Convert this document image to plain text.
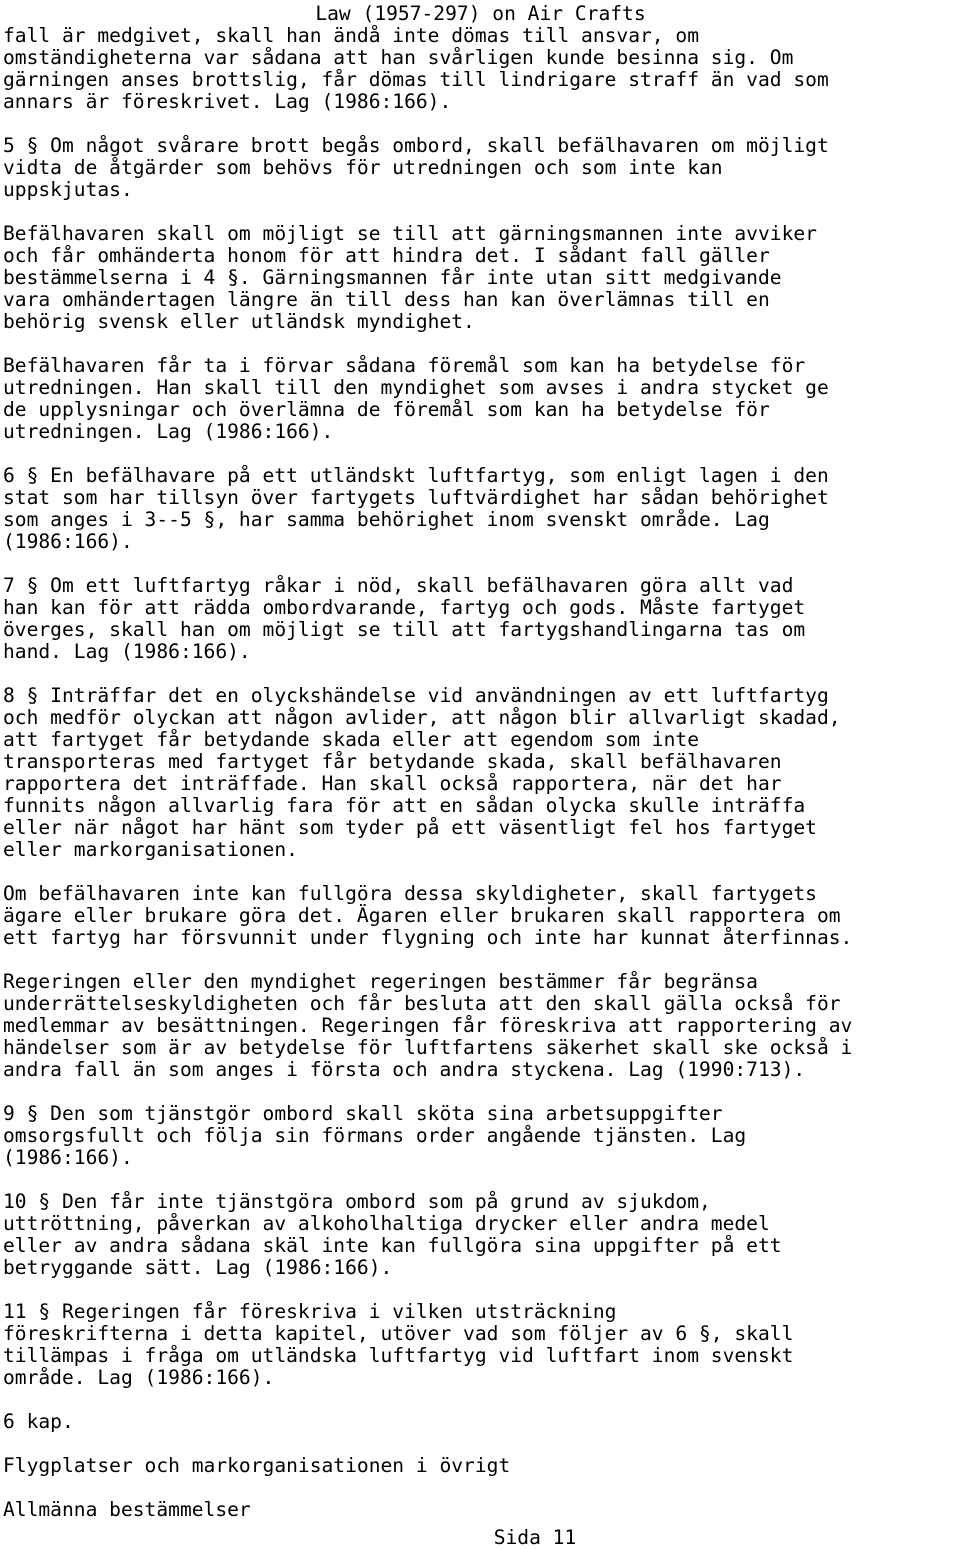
Law (1957-297) on Air Crafts
fall är medgivet, skall han ändå inte dömas till ansvar, om
omständigheterna var sådana att han svårligen kunde besinna sig. Om
gärningen anses brottslig, får dömas till lindrigare straff än vad som
annars är föreskrivet. Lag (1986:166).
5 § Om något svårare brott begås ombord, skall befälhavaren om möjligt
vidta de åtgärder som behövs för utredningen och som inte kan
uppskjutas.
Befälhavaren skall om möjligt se till att gärningsmannen inte avviker
och får omhänderta honom för att hindra det. I sådant fall gäller
bestämmelserna i 4 §. Gärningsmannen får inte utan sitt medgivande
vara omhändertagen längre än till dess han kan överlämnas till en
behörig svensk eller utländsk myndighet.
Befälhavaren får ta i förvar sådana föremål som kan ha betydelse för
utredningen. Han skall till den myndighet som avses i andra stycket ge
de upplysningar och överlämna de föremål som kan ha betydelse för
utredningen. Lag (1986:166).
6 § En befälhavare på ett utländskt luftfartyg, som enligt lagen i den
stat som har tillsyn över fartygets luftvärdighet har sådan behörighet
som anges i 3--5 §, har samma behörighet inom svenskt område. Lag
(1986:166).
7 § Om ett luftfartyg råkar i nöd, skall befälhavaren göra allt vad
han kan för att rädda ombordvarande, fartyg och gods. Måste fartyget
överges, skall han om möjligt se till att fartygshandlingarna tas om
hand. Lag (1986:166).
8 § Inträffar det en olyckshändelse vid användningen av ett luftfartyg
och medför olyckan att någon avlider, att någon blir allvarligt skadad,
att fartyget får betydande skada eller att egendom som inte
transporteras med fartyget får betydande skada, skall befälhavaren
rapportera det inträffade. Han skall också rapportera, när det har
funnits någon allvarlig fara för att en sådan olycka skulle inträffa
eller när något har hänt som tyder på ett väsentligt fel hos fartyget
eller markorganisationen.
Om befälhavaren inte kan fullgöra dessa skyldigheter, skall fartygets
ägare eller brukare göra det. Ägaren eller brukaren skall rapportera om
ett fartyg har försvunnit under flygning och inte har kunnat återfinnas.
Regeringen eller den myndighet regeringen bestämmer får begränsa
underrättelseskyldigheten och får besluta att den skall gälla också för
medlemmar av besättningen. Regeringen får föreskriva att rapportering av
händelser som är av betydelse för luftfartens säkerhet skall ske också i
andra fall än som anges i första och andra styckena. Lag (1990:713).
9 § Den som tjänstgör ombord skall sköta sina arbetsuppgifter
omsorgsfullt och följa sin förmans order angående tjänsten. Lag
(1986:166).
10 § Den får inte tjänstgöra ombord som på grund av sjukdom,
uttröttning, påverkan av alkoholhaltiga drycker eller andra medel
eller av andra sådana skäl inte kan fullgöra sina uppgifter på ett
betryggande sätt. Lag (1986:166).
11 § Regeringen får föreskriva i vilken utsträckning
föreskrifterna i detta kapitel, utöver vad som följer av 6 §, skall
tillämpas i fråga om utländska luftfartyg vid luftfart inom svenskt
område. Lag (1986:166).
6 kap.
Flygplatser och markorganisationen i övrigt
Allmänna bestämmelser
Sida 11
